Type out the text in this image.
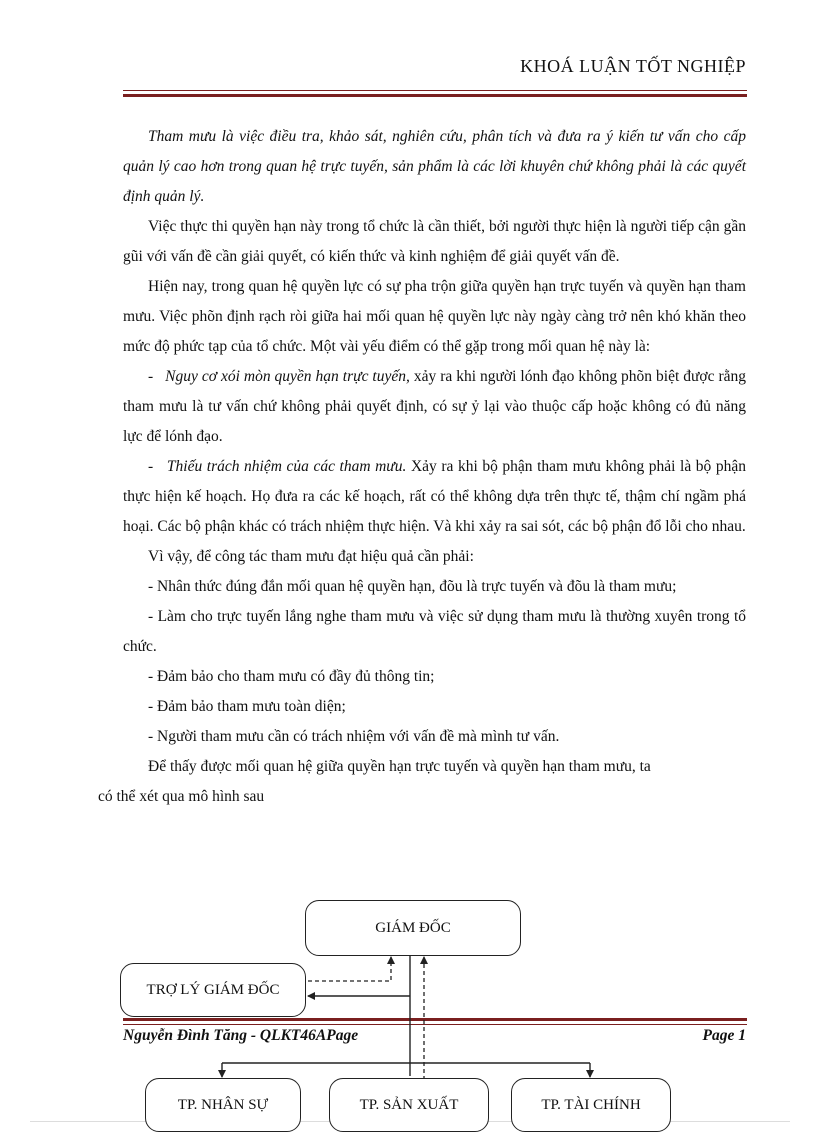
KHOÁ LUẬN TỐT NGHIỆP

Tham mưu là việc điều tra, khảo sát, nghiên cứu, phân tích và đưa ra ý kiến tư vấn cho cấp quản lý cao hơn trong quan hệ trực tuyến, sản phẩm là các lời khuyên chứ không phải là các quyết định quản lý.

Việc thực thi quyền hạn này trong tổ chức là cần thiết, bởi người thực hiện là người tiếp cận gần gũi với vấn đề cần giải quyết, có kiến thức và kinh nghiệm để giải quyết vấn đề.

Hiện nay, trong quan hệ quyền lực có sự pha trộn giữa quyền hạn trực tuyến và quyền hạn tham mưu. Việc phõn định rạch ròi giữa hai mối quan hệ quyền lực này ngày càng trở nên khó khăn theo mức độ phức tạp của tổ chức. Một vài yếu điểm có thể gặp trong mối quan hệ này là:

- Nguy cơ xói mòn quyền hạn trực tuyến, xảy ra khi người lónh đạo không phõn biệt được rằng tham mưu là tư vấn chứ không phải quyết định, có sự ỷ lại vào thuộc cấp hoặc không có đủ năng lực để lónh đạo.

- Thiếu trách nhiệm của các tham mưu. Xảy ra khi bộ phận tham mưu không phải là bộ phận thực hiện kế hoạch. Họ đưa ra các kế hoạch, rất có thể không dựa trên thực tế, thậm chí ngầm phá hoại. Các bộ phận khác có trách nhiệm thực hiện. Và khi xảy ra sai sót, các bộ phận đổ lỗi cho nhau.

Vì vậy, để công tác tham mưu đạt hiệu quả cần phải:

- Nhân thức đúng đắn mối quan hệ quyền hạn, đõu là trực tuyến và đõu là tham mưu;

- Làm cho trực tuyến lắng nghe tham mưu và việc sử dụng tham mưu là thường xuyên trong tổ chức.

- Đảm bảo cho tham mưu có đầy đủ thông tin;

- Đảm bảo tham mưu toàn diện;

- Người tham mưu cần có trách nhiệm với vấn đề mà mình tư vấn.

Để thấy được mối quan hệ giữa quyền hạn trực tuyến và quyền hạn tham mưu, ta
có thể xét qua mô hình sau

GIÁM ĐỐC
TRỢ LÝ GIÁM ĐỐC
TP. NHÂN SỰ	TP. SẢN XUẤT	TP. TÀI CHÍNH
Nguyễn Đình Tăng - QLKT46APage	Page 1
